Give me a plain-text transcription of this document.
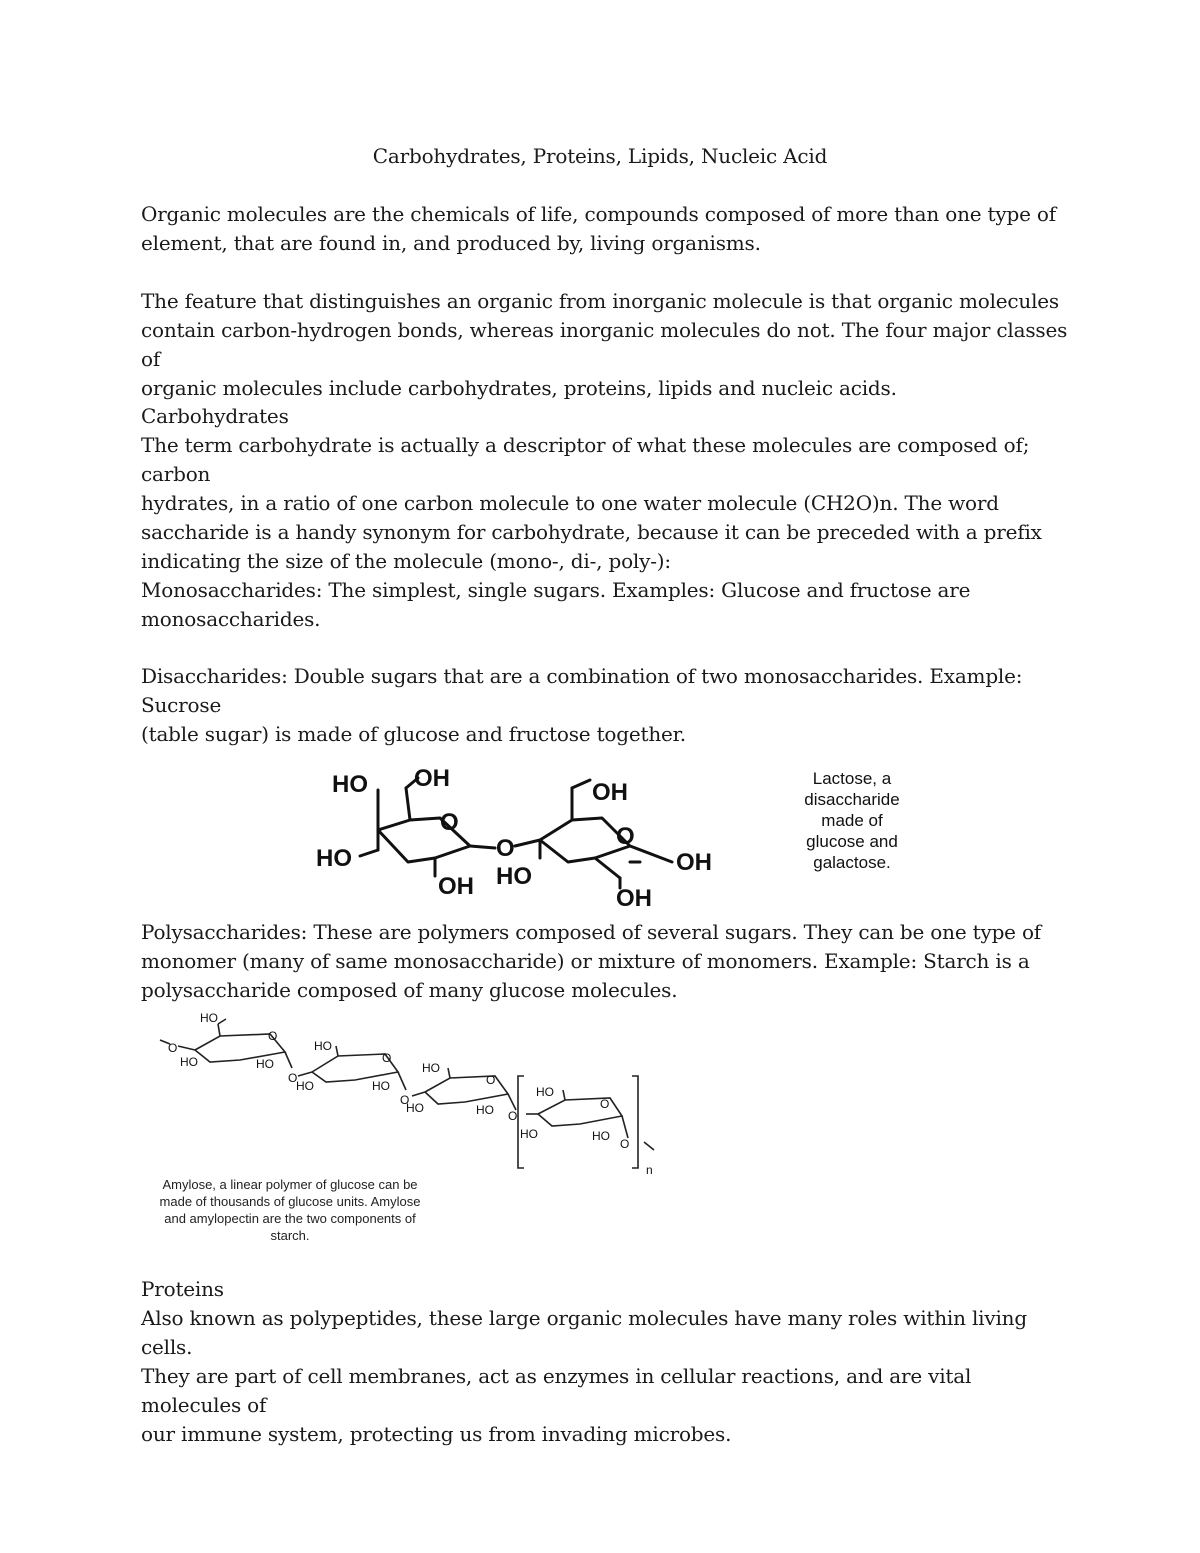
Carbohydrates, Proteins, Lipids, Nucleic Acid
Organic molecules are the chemicals of life, compounds composed of more than one type of
element, that are found in, and produced by, living organisms.
The feature that distinguishes an organic from inorganic molecule is that organic molecules
contain carbon-hydrogen bonds, whereas inorganic molecules do not. The four major classes of
organic molecules include carbohydrates, proteins, lipids and nucleic acids.
Carbohydrates
The term carbohydrate is actually a descriptor of what these molecules are composed of; carbon
hydrates, in a ratio of one carbon molecule to one water molecule (CH2O)n. The word
saccharide is a handy synonym for carbohydrate, because it can be preceded with a prefix
indicating the size of the molecule (mono-, di-, poly-):
Monosaccharides: The simplest, single sugars. Examples: Glucose and fructose are
monosaccharides.
Disaccharides: Double sugars that are a combination of two monosaccharides. Example: Sucrose
(table sugar) is made of glucose and fructose together.
HO OH
O
HO
OH
O
OH
O
HO
OH
OH
Lactose, a
disaccharide
made of
glucose and
galactose.
Polysaccharides: These are polymers composed of several sugars. They can be one type of
monomer (many of same monosaccharide) or mixture of monomers. Example: Starch is a
polysaccharide composed of many glucose molecules.
HO
O
O
HO	HO
O
HO
O
HO	HO
O
HO
O
HO	HO O
HO
O
HO	HO
O
n
Amylose, a linear polymer of glucose can be
made of thousands of glucose units. Amylose
and amylopectin are the two components of
starch.
Proteins
Also known as polypeptides, these large organic molecules have many roles within living cells.
They are part of cell membranes, act as enzymes in cellular reactions, and are vital molecules of
our immune system, protecting us from invading microbes.
